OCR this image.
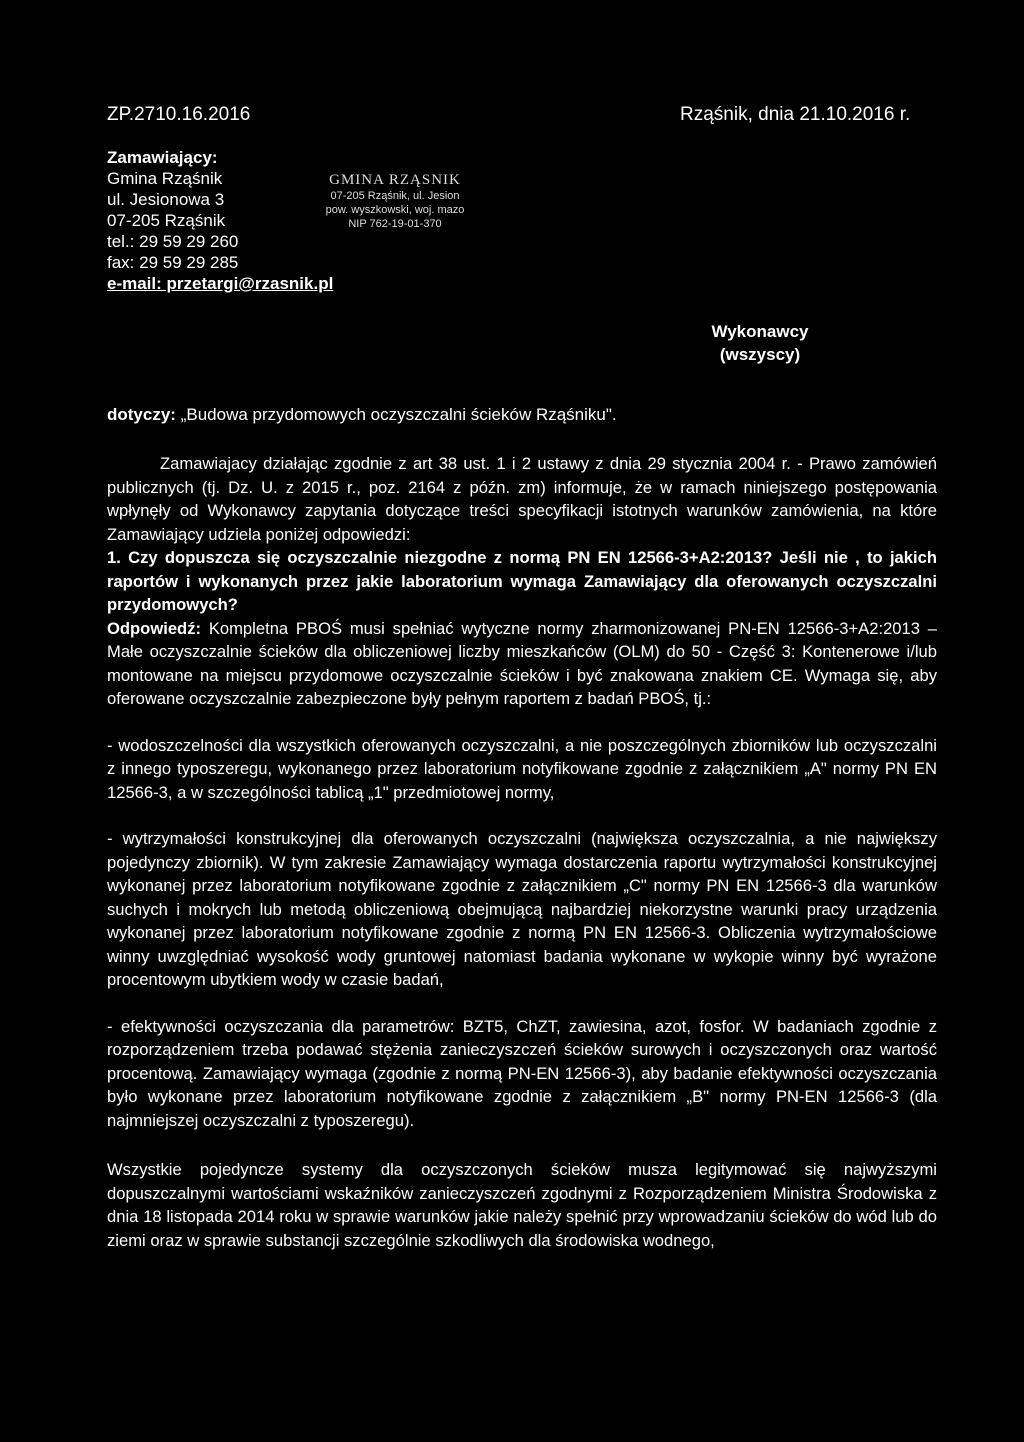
ZP.2710.16.2016	Rząśnik, dnia 21.10.2016 r.
Zamawiający:
Gmina Rząśnik
ul. Jesionowa 3
07-205 Rząśnik
tel.: 29 59 29 260
fax: 29 59 29 285
e-mail: przetargi@rzasnik.pl
GMINA RZĄSNIK
07-205 Rząśnik, ul. Jesion
pow. wyszkowski, woj. mazo
NIP 762-19-01-370
Wykonawcy
(wszyscy)
dotyczy: „Budowa przydomowych oczyszczalni ścieków Rząśniku".

Zamawiajacy działając zgodnie z art 38 ust. 1 i 2 ustawy z dnia 29 stycznia 2004 r. - Prawo zamówień publicznych (tj. Dz. U. z 2015 r., poz. 2164 z późn. zm) informuje, że w ramach niniejszego postępowania wpłynęły od Wykonawcy zapytania dotyczące treści specyfikacji istotnych warunków zamówienia, na które Zamawiający udziela poniżej odpowiedzi:

1. Czy dopuszcza się oczyszczalnie niezgodne z normą PN EN 12566-3+A2:2013? Jeśli nie , to jakich raportów i wykonanych przez jakie laboratorium wymaga Zamawiający dla oferowanych oczyszczalni przydomowych?

Odpowiedź: Kompletna PBOŚ musi spełniać wytyczne normy zharmonizowanej PN-EN 12566-3+A2:2013 – Małe oczyszczalnie ścieków dla obliczeniowej liczby mieszkańców (OLM) do 50 - Część 3: Kontenerowe i/lub montowane na miejscu przydomowe oczyszczalnie ścieków i być znakowana znakiem CE. Wymaga się, aby oferowane oczyszczalnie zabezpieczone były pełnym raportem z badań PBOŚ, tj.:

- wodoszczelności dla wszystkich oferowanych oczyszczalni, a nie poszczególnych zbiorników lub oczyszczalni z innego typoszeregu, wykonanego przez laboratorium notyfikowane zgodnie z załącznikiem „A" normy PN EN 12566-3, a w szczególności tablicą „1" przedmiotowej normy,

- wytrzymałości konstrukcyjnej dla oferowanych oczyszczalni (największa oczyszczalnia, a nie największy pojedynczy zbiornik). W tym zakresie Zamawiający wymaga dostarczenia raportu wytrzymałości konstrukcyjnej wykonanej przez laboratorium notyfikowane zgodnie z załącznikiem „C" normy PN EN 12566-3 dla warunków suchych i mokrych lub metodą obliczeniową obejmującą najbardziej niekorzystne warunki pracy urządzenia wykonanej przez laboratorium notyfikowane zgodnie z normą PN EN 12566-3. Obliczenia wytrzymałościowe winny uwzględniać wysokość wody gruntowej natomiast badania wykonane w wykopie winny być wyrażone procentowym ubytkiem wody w czasie badań,

- efektywności oczyszczania dla parametrów: BZT5, ChZT, zawiesina, azot, fosfor. W badaniach zgodnie z rozporządzeniem trzeba podawać stężenia zanieczyszczeń ścieków surowych i oczyszczonych oraz wartość procentową. Zamawiający wymaga (zgodnie z normą PN-EN 12566-3), aby badanie efektywności oczyszczania było wykonane przez laboratorium notyfikowane zgodnie z załącznikiem „B" normy PN-EN 12566-3 (dla najmniejszej oczyszczalni z typoszeregu).

Wszystkie pojedyncze systemy dla oczyszczonych ścieków musza legitymować się najwyższymi dopuszczalnymi wartościami wskaźników zanieczyszczeń zgodnymi z Rozporządzeniem Ministra Środowiska z dnia 18 listopada 2014 roku w sprawie warunków jakie należy spełnić przy wprowadzaniu ścieków do wód lub do ziemi oraz w sprawie substancji szczególnie szkodliwych dla środowiska wodnego,
